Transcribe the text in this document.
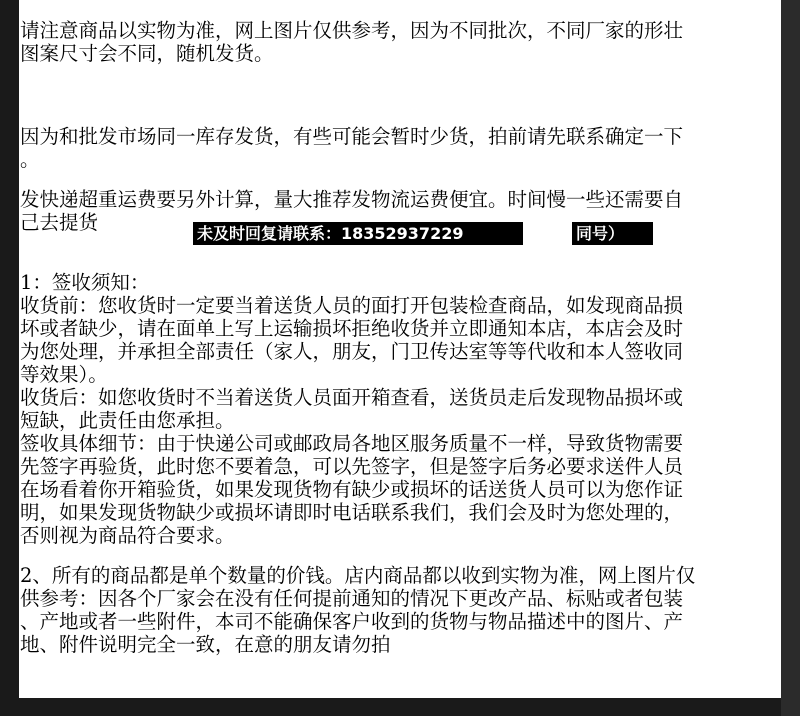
请注意商品以实物为准，网上图片仅供参考，因为不同批次，不同厂家的形壮
图案尺寸会不同，随机发货。
因为和批发市场同一库存发货，有些可能会暂时少货，拍前请先联系确定一下
。
发快递超重运费要另外计算，量大推荐发物流运费便宜。时间慢一些还需要自
己去提货
1：签收须知：
收货前：您收货时一定要当着送货人员的面打开包装检查商品，如发现商品损
坏或者缺少，请在面单上写上运输损坏拒绝收货并立即通知本店，本店会及时
为您处理，并承担全部责任（家人，朋友，门卫传达室等等代收和本人签收同
等效果）。
收货后：如您收货时不当着送货人员面开箱查看，送货员走后发现物品损坏或
短缺，此责任由您承担。
签收具体细节：由于快递公司或邮政局各地区服务质量不一样，导致货物需要
先签字再验货，此时您不要着急，可以先签字，但是签字后务必要求送件人员
在场看着你开箱验货，如果发现货物有缺少或损坏的话送货人员可以为您作证
明，如果发现货物缺少或损坏请即时电话联系我们，我们会及时为您处理的，
否则视为商品符合要求。
2、所有的商品都是单个数量的价钱。店内商品都以收到实物为准，网上图片仅
供参考：因各个厂家会在没有任何提前通知的情况下更改产品、标贴或者包装
、产地或者一些附件，本司不能确保客户收到的货物与物品描述中的图片、产
地、附件说明完全一致，在意的朋友请勿拍
未及时回复请联系：18352937229	同号）
